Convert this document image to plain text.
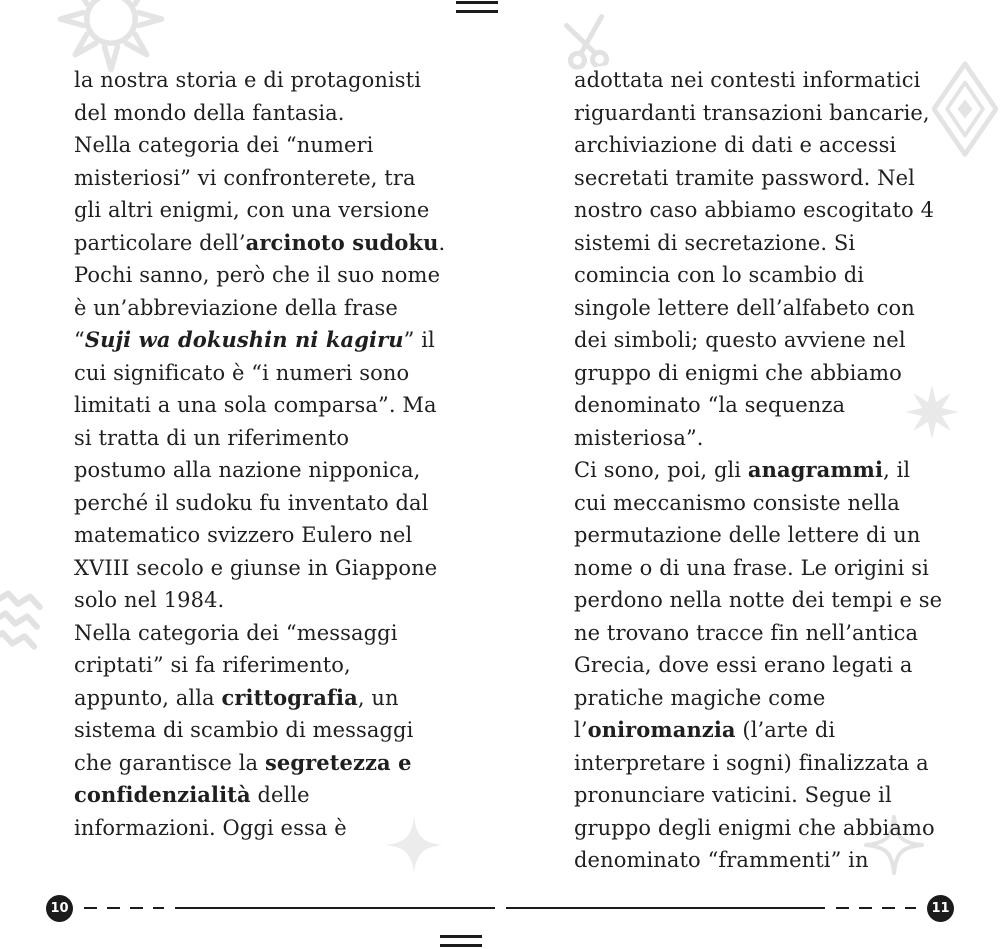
la nostra storia e di protagonisti del mondo della fantasia.
Nella categoria dei “numeri misteriosi” vi confronterete, tra gli altri enigmi, con una versione particolare dell’arcinoto sudoku. Pochi sanno, però che il suo nome è un’abbreviazione della frase “Suji wa dokushin ni kagiru” il cui significato è “i numeri sono limitati a una sola comparsa”. Ma si tratta di un riferimento postumo alla nazione nipponica, perché il sudoku fu inventato dal matematico svizzero Eulero nel XVIII secolo e giunse in Giappone solo nel 1984.
Nella categoria dei “messaggi criptati” si fa riferimento, appunto, alla crittografia, un sistema di scambio di messaggi che garantisce la segretezza e confidenzialità delle informazioni. Oggi essa è
adottata nei contesti informatici riguardanti transazioni bancarie, archiviazione di dati e accessi secretati tramite password. Nel nostro caso abbiamo escogitato 4 sistemi di secretazione. Si comincia con lo scambio di singole lettere dell’alfabeto con dei simboli; questo avviene nel gruppo di enigmi che abbiamo denominato “la sequenza misteriosa”.
Ci sono, poi, gli anagrammi, il cui meccanismo consiste nella permutazione delle lettere di un nome o di una frase. Le origini si perdono nella notte dei tempi e se ne trovano tracce fin nell’antica Grecia, dove essi erano legati a pratiche magiche come l’oniromanzia (l’arte di interpretare i sogni) finalizzata a pronunciare vaticini. Segue il gruppo degli enigmi che abbiamo denominato “frammenti” in
10	11
